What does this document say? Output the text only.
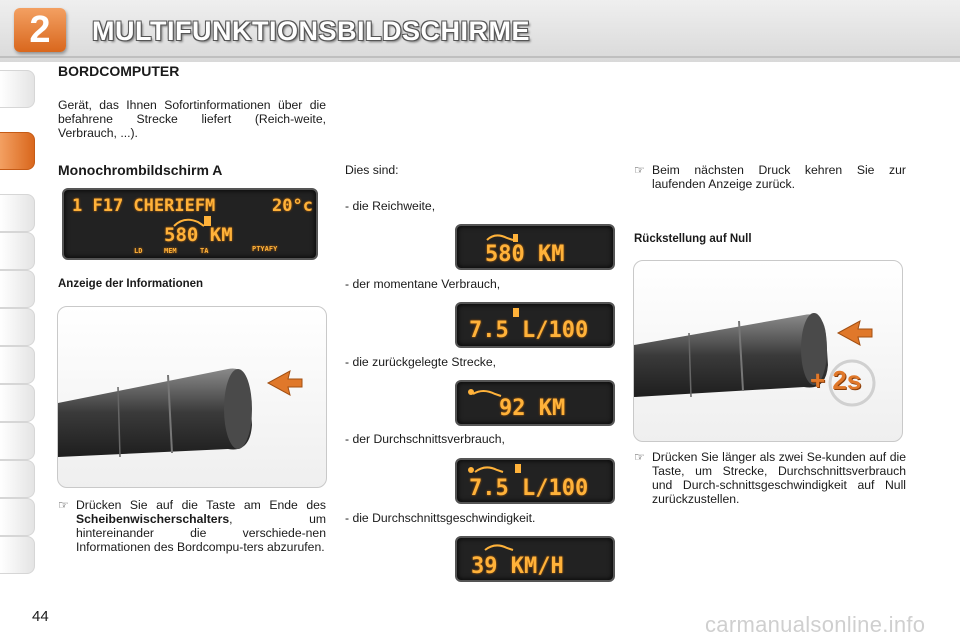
2	MULTIFUNKTIONSBILDSCHIRME
BORDCOMPUTER
Gerät, das Ihnen Sofortinformationen über die befahrene Strecke liefert (Reich-weite, Verbrauch, ...).
Monochrombildschirm A
1 F17 CHERIEFM	20°c
580 KM
LD	MEM	TA	PTYAFY
Anzeige der Informationen
☞ Drücken Sie auf die Taste am Ende des Scheibenwischerschalters, um hintereinander die verschiede-nen Informationen des Bordcompu-ters abzurufen.
Dies sind:
- die Reichweite,
580 KM
- der momentane Verbrauch,
7.5 L/100
- die zurückgelegte Strecke,
92 KM
- der Durchschnittsverbrauch,
7.5 L/100
- die Durchschnittsgeschwindigkeit.
39 KM/H
☞ Beim nächsten Druck kehren Sie zur laufenden Anzeige zurück.
Rückstellung auf Null
+ 2s
☞ Drücken Sie länger als zwei Se-kunden auf die Taste, um Strecke, Durchschnittsverbrauch und Durch-schnittsgeschwindigkeit auf Null zurückzustellen.
44	carmanualsonline.info
